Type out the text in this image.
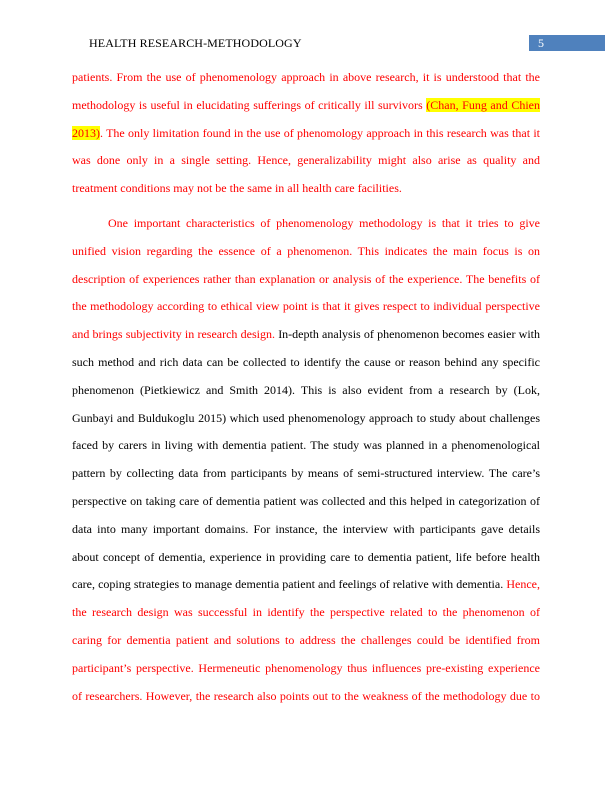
HEALTH RESEARCH-METHODOLOGY	5
patients. From the use of phenomenology approach in above research, it is understood that the
methodology is useful in elucidating sufferings of critically ill survivors (Chan, Fung and Chien
2013). The only limitation found in the use of phenomology approach in this research was that it
was done only in a single setting. Hence, generalizability might also arise as quality and
treatment conditions may not be the same in all health care facilities.
One important characteristics of phenomenology methodology is that it tries to give
unified vision regarding the essence of a phenomenon. This indicates the main focus is on
description of experiences rather than explanation or analysis of the experience. The benefits of
the methodology according to ethical view point is that it gives respect to individual perspective
and brings subjectivity in research design. In-depth analysis of phenomenon becomes easier with
such method and rich data can be collected to identify the cause or reason behind any specific
phenomenon (Pietkiewicz and Smith 2014). This is also evident from a research by (Lok,
Gunbayi and Buldukoglu 2015) which used phenomenology approach to study about challenges
faced by carers in living with dementia patient. The study was planned in a phenomenological
pattern by collecting data from participants by means of semi-structured interview. The care’s
perspective on taking care of dementia patient was collected and this helped in categorization of
data into many important domains. For instance, the interview with participants gave details
about concept of dementia, experience in providing care to dementia patient, life before health
care, coping strategies to manage dementia patient and feelings of relative with dementia. Hence,
the research design was successful in identify the perspective related to the phenomenon of
caring for dementia patient and solutions to address the challenges could be identified from
participant’s perspective. Hermeneutic phenomenology thus influences pre-existing experience
of researchers. However, the research also points out to the weakness of the methodology due to
